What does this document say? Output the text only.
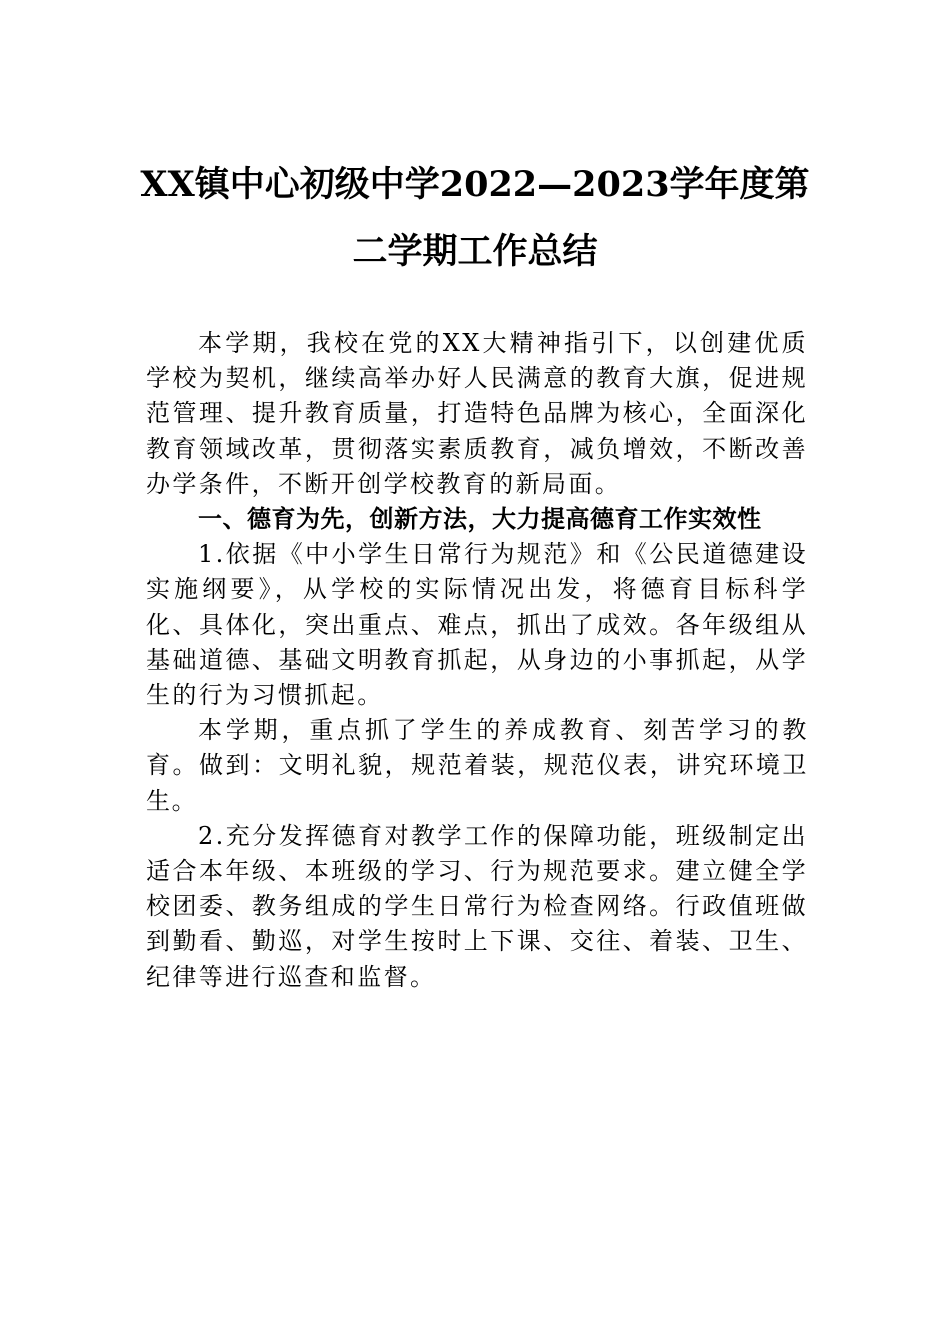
XX镇中心初级中学2022—2023学年度第
二学期工作总结

本学期，我校在党的XX大精神指引下，以创建优质学校为契机，继续高举办好人民满意的教育大旗，促进规范管理、提升教育质量，打造特色品牌为核心，全面深化教育领域改革，贯彻落实素质教育，减负增效，不断改善办学条件，不断开创学校教育的新局面。

一、德育为先，创新方法，大力提高德育工作实效性

1.依据《中小学生日常行为规范》和《公民道德建设实施纲要》，从学校的实际情况出发，将德育目标科学化、具体化，突出重点、难点，抓出了成效。各年级组从基础道德、基础文明教育抓起，从身边的小事抓起，从学生的行为习惯抓起。

本学期，重点抓了学生的养成教育、刻苦学习的教育。做到：文明礼貌，规范着装，规范仪表，讲究环境卫生。

2.充分发挥德育对教学工作的保障功能，班级制定出适合本年级、本班级的学习、行为规范要求。建立健全学校团委、教务组成的学生日常行为检查网络。行政值班做到勤看、勤巡，对学生按时上下课、交往、着装、卫生、纪律等进行巡查和监督。
